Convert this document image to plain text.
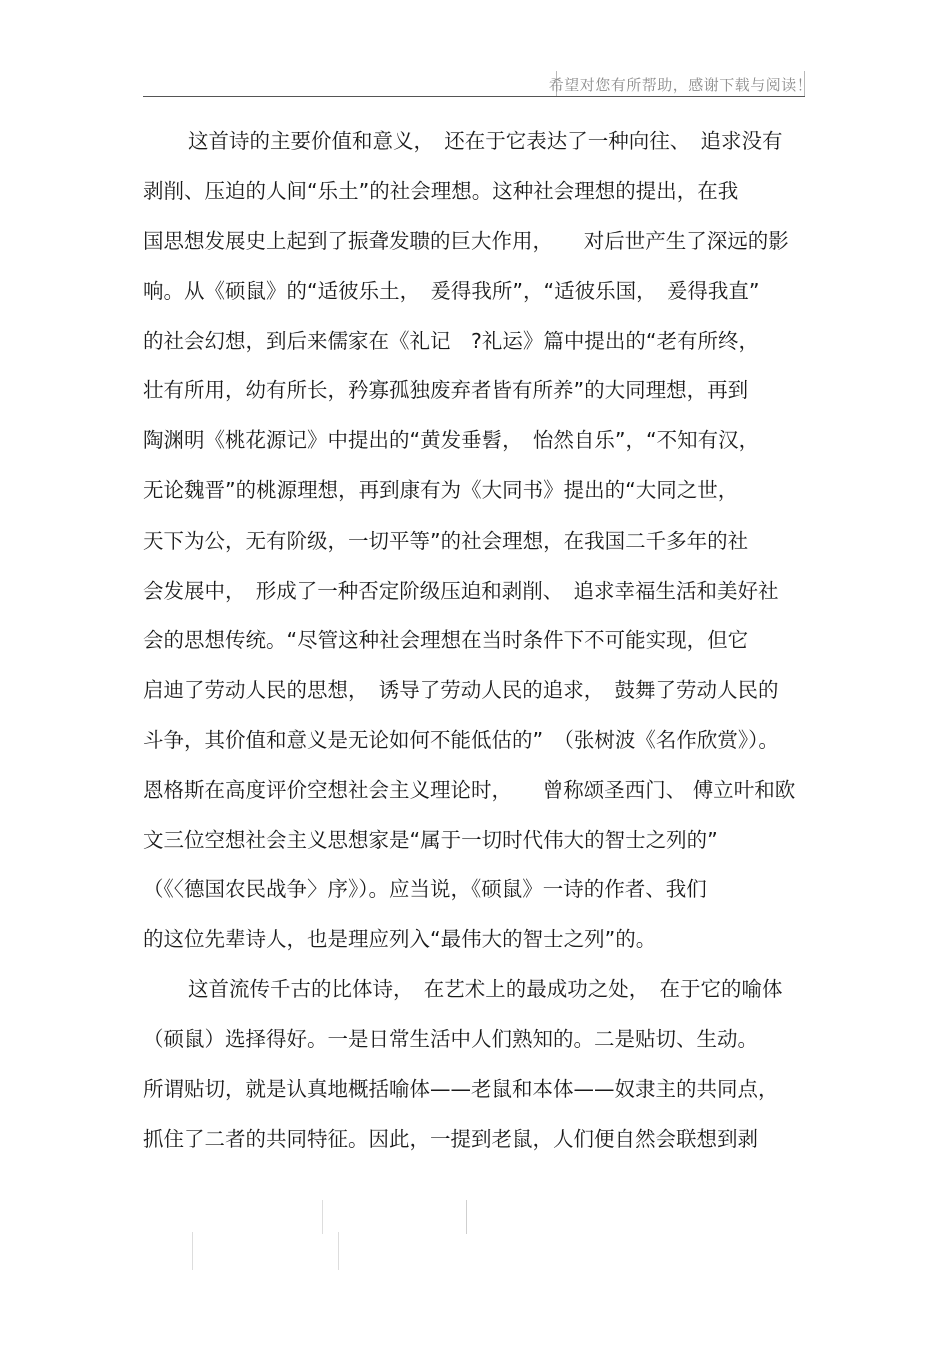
希望对您有所帮助，感谢下载与阅读！
这首诗的主要价值和意义，　还在于它表达了一种向往、　追求没有
剥削、压迫的人间“乐土”的社会理想。这种社会理想的提出，在我
国思想发展史上起到了振聋发聩的巨大作用，　　对后世产生了深远的影
响。从《硕鼠》的“适彼乐土，　爰得我所”，“适彼乐国，　爰得我直”
的社会幻想，到后来儒家在《礼记　?礼运》篇中提出的“老有所终，
壮有所用，幼有所长，矜寡孤独废弃者皆有所养”的大同理想，再到
陶渊明《桃花源记》中提出的“黄发垂髫，　怡然自乐”，“不知有汉，
无论魏晋”的桃源理想，再到康有为《大同书》提出的“大同之世，
天下为公，无有阶级，一切平等”的社会理想，在我国二千多年的社
会发展中，　形成了一种否定阶级压迫和剥削、　追求幸福生活和美好社
会的思想传统。“尽管这种社会理想在当时条件下不可能实现，但它
启迪了劳动人民的思想，　诱导了劳动人民的追求，　鼓舞了劳动人民的
斗争，其价值和意义是无论如何不能低估的”　（张树波《名作欣赏》）。
恩格斯在高度评价空想社会主义理论时，　　曾称颂圣西门、 傅立叶和欧
文三位空想社会主义思想家是“属于一切时代伟大的智士之列的”
（《〈德国农民战争〉序》）。应当说，《硕鼠》一诗的作者、我们
的这位先辈诗人，也是理应列入“最伟大的智士之列”的。
这首流传千古的比体诗，　在艺术上的最成功之处，　在于它的喻体
（硕鼠）选择得好。一是日常生活中人们熟知的。二是贴切、生动。
所谓贴切，就是认真地概括喻体——老鼠和本体——奴隶主的共同点，
抓住了二者的共同特征。因此，一提到老鼠，人们便自然会联想到剥
